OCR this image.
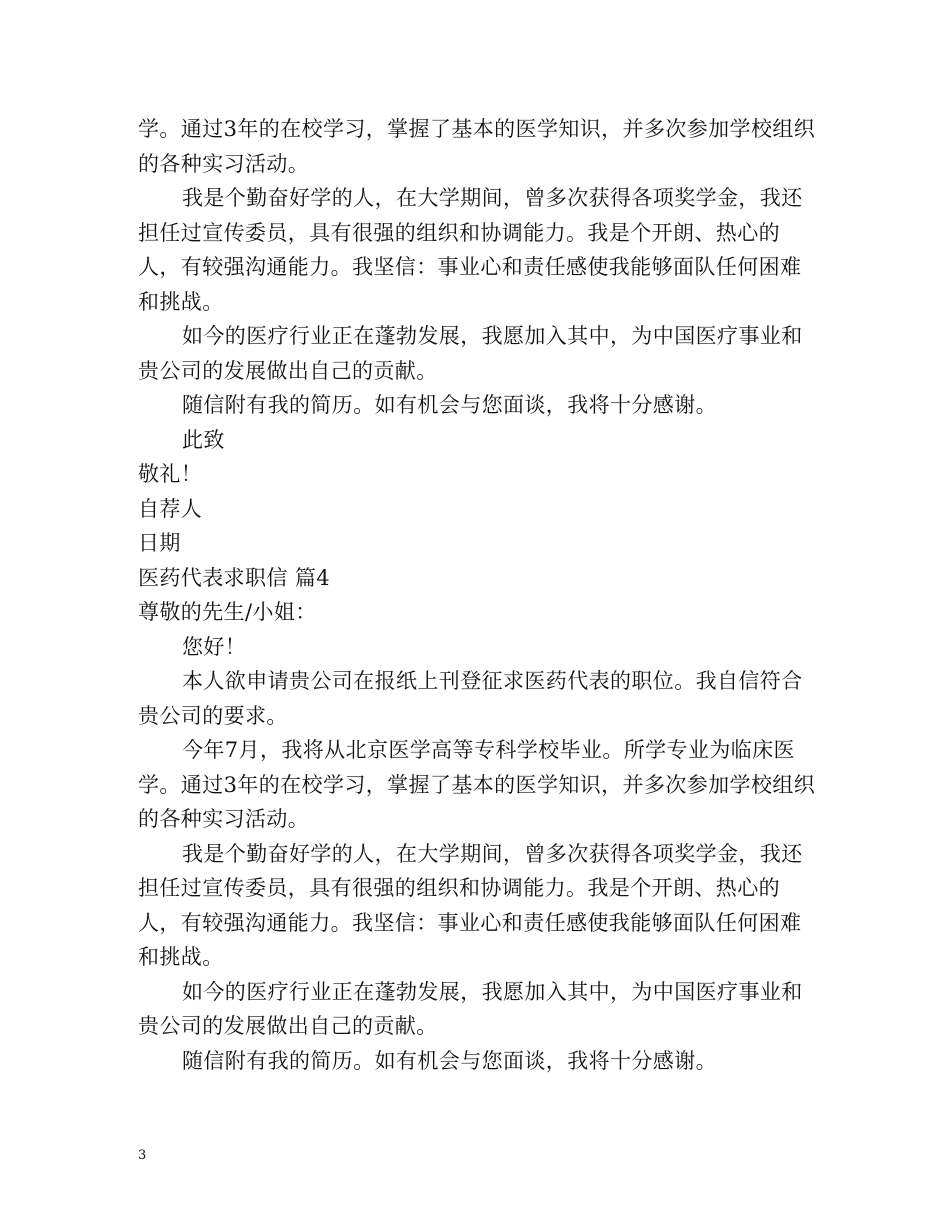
学。通过3年的在校学习，掌握了基本的医学知识，并多次参加学校组织的各种实习活动。

我是个勤奋好学的人，在大学期间，曾多次获得各项奖学金，我还担任过宣传委员，具有很强的组织和协调能力。我是个开朗、热心的人，有较强沟通能力。我坚信：事业心和责任感使我能够面队任何困难和挑战。

如今的医疗行业正在蓬勃发展，我愿加入其中，为中国医疗事业和贵公司的发展做出自己的贡献。

随信附有我的简历。如有机会与您面谈，我将十分感谢。

此致

敬礼！

自荐人

日期

医药代表求职信 篇4

尊敬的先生/小姐：

您好！

本人欲申请贵公司在报纸上刊登征求医药代表的职位。我自信符合贵公司的要求。

今年7月，我将从北京医学高等专科学校毕业。所学专业为临床医学。通过3年的在校学习，掌握了基本的医学知识，并多次参加学校组织的各种实习活动。

我是个勤奋好学的人，在大学期间，曾多次获得各项奖学金，我还担任过宣传委员，具有很强的组织和协调能力。我是个开朗、热心的人，有较强沟通能力。我坚信：事业心和责任感使我能够面队任何困难和挑战。

如今的医疗行业正在蓬勃发展，我愿加入其中，为中国医疗事业和贵公司的发展做出自己的贡献。

随信附有我的简历。如有机会与您面谈，我将十分感谢。

3
